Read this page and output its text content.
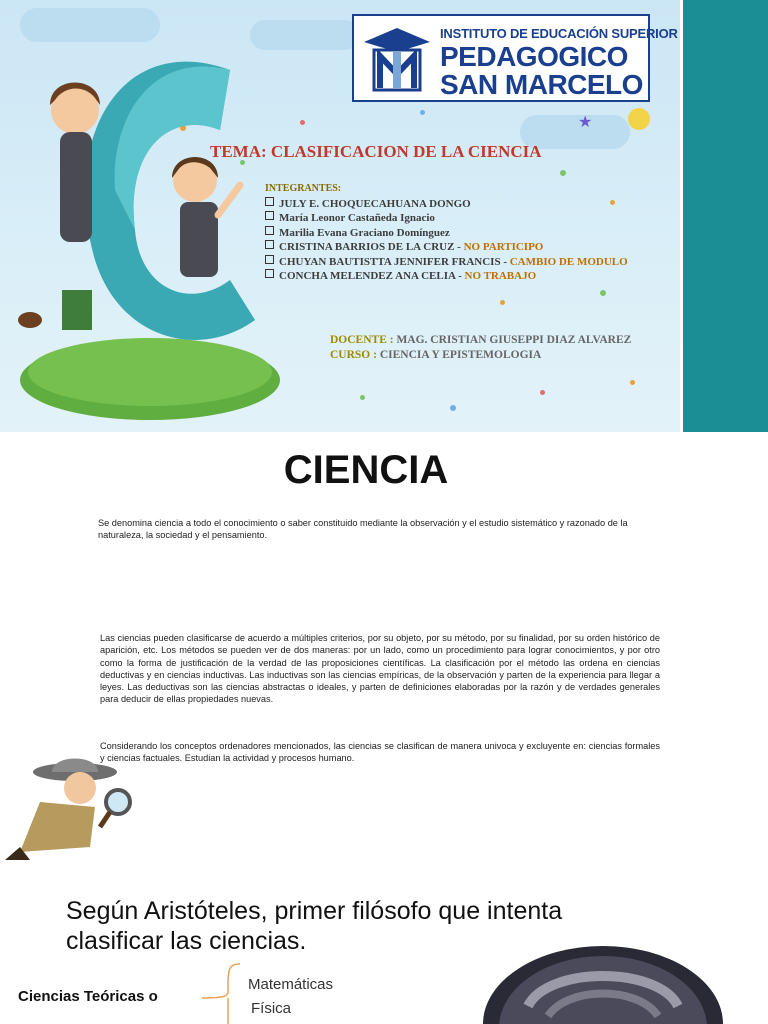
★
INSTITUTO DE EDUCACIÓN SUPERIOR
PEDAGOGICO
SAN MARCELO
TEMA: CLASIFICACION DE LA CIENCIA
INTEGRANTES:
JULY E. CHOQUECAHUANA DONGO
María Leonor Castañeda Ignacio
Marilia Evana Graciano Domínguez
CRISTINA BARRIOS DE LA CRUZ - NO PARTICIPO
CHUYAN BAUTISTTA JENNIFER FRANCIS - CAMBIO DE MODULO
CONCHA MELENDEZ ANA CELIA - NO TRABAJO
DOCENTE : MAG. CRISTIAN GIUSEPPI DIAZ ALVAREZ
CURSO : CIENCIA Y EPISTEMOLOGIA
CIENCIA
Se denomina ciencia a todo el conocimiento o saber constituido mediante la observación y el estudio sistemático y razonado de la naturaleza, la sociedad y el pensamiento.
Las ciencias pueden clasificarse de acuerdo a múltiples criterios, por su objeto, por su método, por su finalidad, por su orden histórico de aparición, etc. Los métodos se pueden ver de dos maneras: por un lado, como un procedimiento para lograr conocimientos, y por otro como la forma de justificación de la verdad de las proposiciones científicas. La clasificación por el método las ordena en ciencias deductivas y en ciencias inductivas. Las inductivas son las ciencias empíricas, de la observación y parten de la experiencia para llegar a leyes. Las deductivas son las ciencias abstractas o ideales, y parten de definiciones elaboradas por la razón y de verdades generales para deducir de ellas propiedades nuevas.
Considerando los conceptos ordenadores mencionados, las ciencias se clasifican de manera univoca y excluyente en: ciencias formales y ciencias factuales. Estudian la actividad y procesos humano.
Según Aristóteles, primer filósofo que intenta clasificar las ciencias.
Ciencias Teóricas o
Matemáticas
Física
